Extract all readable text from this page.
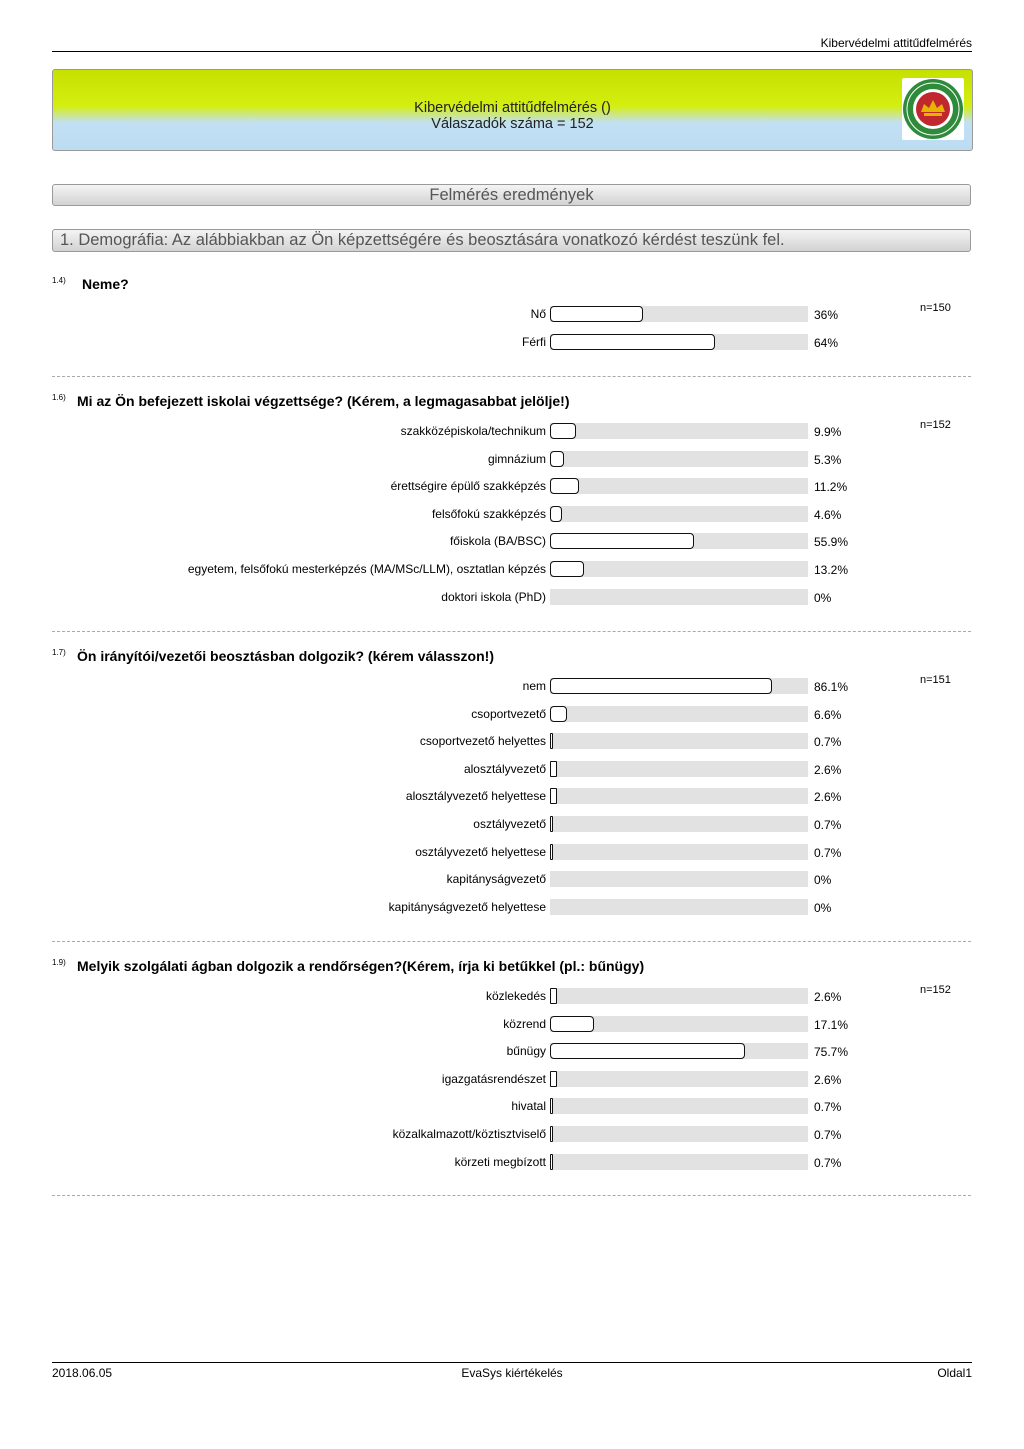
Kibervédelmi attitűdfelmérés
Kibervédelmi attitűdfelmérés ()
Válaszadók száma = 152
Felmérés eredmények
1. Demográfia: Az alábbiakban az Ön képzettségére és beosztására vonatkozó kérdést teszünk fel.
1.4) Neme?
n=150
1.6) Mi az Ön befejezett iskolai végzettsége? (Kérem, a legmagasabbat jelölje!)
n=152
1.7) Ön irányítói/vezetői beosztásban dolgozik? (kérem válasszon!)
n=151
1.9) Melyik szolgálati ágban dolgozik a rendőrségen?(Kérem, írja ki betűkkel (pl.: bűnügy)
n=152
2018.06.05	EvaSys kiértékelés	Oldal1
Nő	36%
Férfi	64%
szakközépiskola/technikum	9.9%
gimnázium	5.3%
érettségire épülő szakképzés	11.2%
felsőfokú szakképzés	4.6%
főiskola (BA/BSC)	55.9%
egyetem, felsőfokú mesterképzés (MA/MSc/LLM), osztatlan képzés	13.2%
doktori iskola (PhD)	0%
nem	86.1%
csoportvezető	6.6%
csoportvezető helyettes	0.7%
alosztályvezető	2.6%
alosztályvezető helyettese	2.6%
osztályvezető	0.7%
osztályvezető helyettese	0.7%
kapitányságvezető	0%
kapitányságvezető helyettese	0%
közlekedés	2.6%
közrend	17.1%
bűnügy	75.7%
igazgatásrendészet	2.6%
hivatal	0.7%
közalkalmazott/köztisztviselő	0.7%
körzeti megbízott	0.7%
